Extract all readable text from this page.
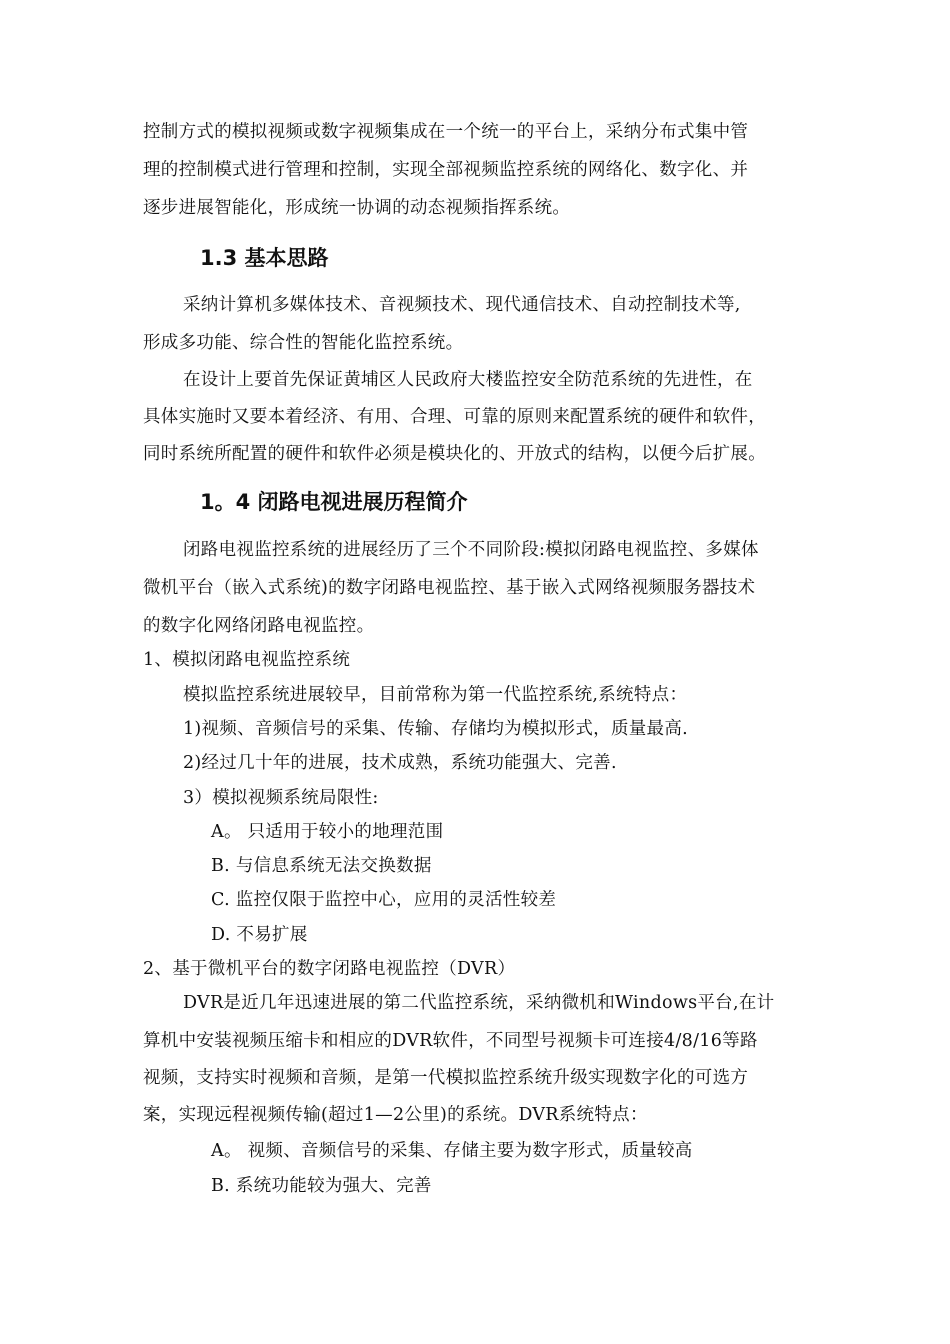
控制方式的模拟视频或数字视频集成在一个统一的平台上，采纳分布式集中管
理的控制模式进行管理和控制，实现全部视频监控系统的网络化、数字化、并
逐步进展智能化，形成统一协调的动态视频指挥系统。
1.3 基本思路
采纳计算机多媒体技术、音视频技术、现代通信技术、自动控制技术等,
形成多功能、综合性的智能化监控系统。
在设计上要首先保证黄埔区人民政府大楼监控安全防范系统的先进性，在
具体实施时又要本着经济、有用、合理、可靠的原则来配置系统的硬件和软件，
同时系统所配置的硬件和软件必须是模块化的、开放式的结构，以便今后扩展。
1。4 闭路电视进展历程简介
闭路电视监控系统的进展经历了三个不同阶段:模拟闭路电视监控、多媒体
微机平台（嵌入式系统)的数字闭路电视监控、基于嵌入式网络视频服务器技术
的数字化网络闭路电视监控。
1、模拟闭路电视监控系统
模拟监控系统进展较早，目前常称为第一代监控系统,系统特点：
1)视频、音频信号的采集、传输、存储均为模拟形式，质量最高.
2)经过几十年的进展，技术成熟，系统功能强大、完善.
3）模拟视频系统局限性:
A。 只适用于较小的地理范围
B. 与信息系统无法交换数据
C. 监控仅限于监控中心，应用的灵活性较差
D. 不易扩展
2、基于微机平台的数字闭路电视监控（DVR）
DVR是近几年迅速进展的第二代监控系统，采纳微机和Windows平台,在计
算机中安装视频压缩卡和相应的DVR软件，不同型号视频卡可连接4/8/16等路
视频，支持实时视频和音频，是第一代模拟监控系统升级实现数字化的可选方
案，实现远程视频传输(超过1—2公里)的系统。DVR系统特点：
A。 视频、音频信号的采集、存储主要为数字形式，质量较高
B. 系统功能较为强大、完善
